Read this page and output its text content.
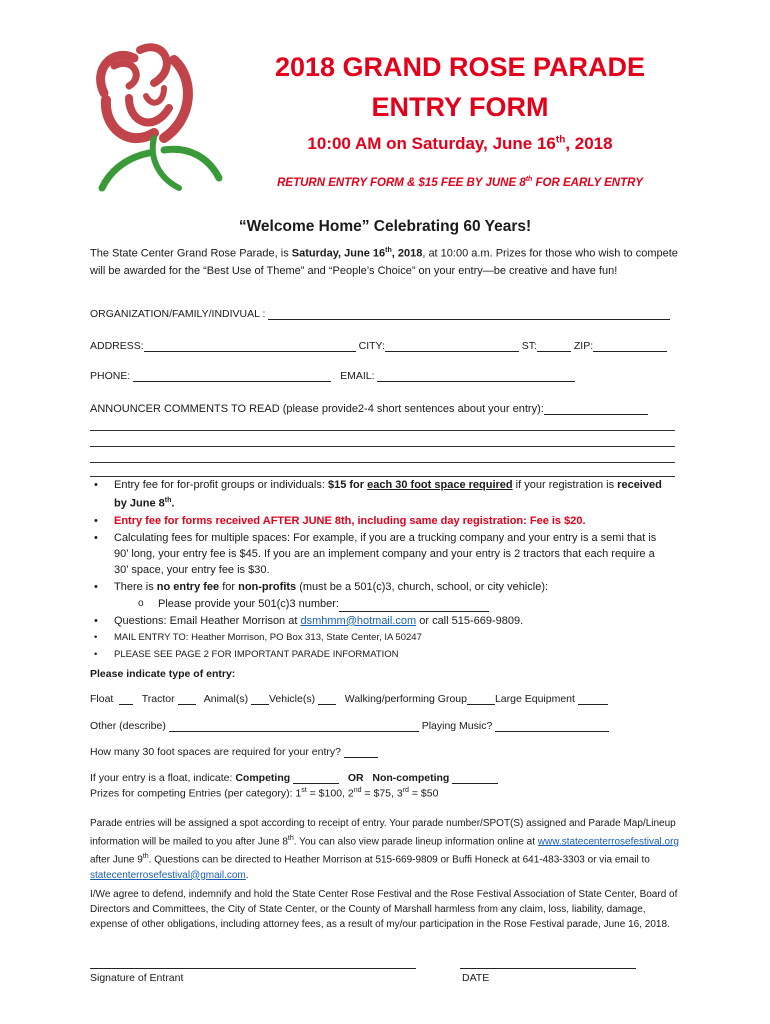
2018 GRAND ROSE PARADE
ENTRY FORM
10:00 AM on Saturday, June 16th, 2018
RETURN ENTRY FORM & $15 FEE BY JUNE 8th FOR EARLY ENTRY
“Welcome Home” Celebrating 60 Years!
The State Center Grand Rose Parade, is Saturday, June 16th, 2018, at 10:00 a.m. Prizes for those who wish to compete will be awarded for the “Best Use of Theme” and “People’s Choice” on your entry—be creative and have fun!
ORGANIZATION/FAMILY/INDIVUAL :
ADDRESS:	CITY:	ST:	ZIP:
PHONE:	EMAIL:
ANNOUNCER COMMENTS TO READ (please provide2-4 short sentences about your entry):
• Entry fee for for-profit groups or individuals: $15 for each 30 foot space required if your registration is received by June 8th.
• Entry fee for forms received AFTER JUNE 8th, including same day registration: Fee is $20.
• Calculating fees for multiple spaces: For example, if you are a trucking company and your entry is a semi that is 90’ long, your entry fee is $45. If you are an implement company and your entry is 2 tractors that each require a 30’ space, your entry fee is $30.
• There is no entry fee for non-profits (must be a 501(c)3, church, school, or city vehicle):
o Please provide your 501(c)3 number:
• Questions: Email Heather Morrison at dsmhmm@hotmail.com or call 515-669-9809.
• MAIL ENTRY TO: Heather Morrison, PO Box 313, State Center, IA 50247
• PLEASE SEE PAGE 2 FOR IMPORTANT PARADE INFORMATION
Please indicate type of entry:
Float	Tractor	Animal(s) Vehicle(s)	Walking/performing Group	Large Equipment
Other (describe)	Playing Music?
How many 30 foot spaces are required for your entry?
If your entry is a float, indicate: Competing	OR Non-competing
Prizes for competing Entries (per category): 1st = $100, 2nd = $75, 3rd = $50
Parade entries will be assigned a spot according to receipt of entry. Your parade number/SPOT(S) assigned and Parade Map/Lineup information will be mailed to you after June 8th. You can also view parade lineup information online at www.statecenterrosefestival.org after June 9th. Questions can be directed to Heather Morrison at 515-669-9809 or Buffi Honeck at 641-483-3303 or via email to statecenterrosefestival@gmail.com.
I/We agree to defend, indemnify and hold the State Center Rose Festival and the Rose Festival Association of State Center, Board of Directors and Committees, the City of State Center, or the County of Marshall harmless from any claim, loss, liability, damage, expense of other obligations, including attorney fees, as a result of my/our participation in the Rose Festival parade, June 16, 2018.
Signature of Entrant	DATE
